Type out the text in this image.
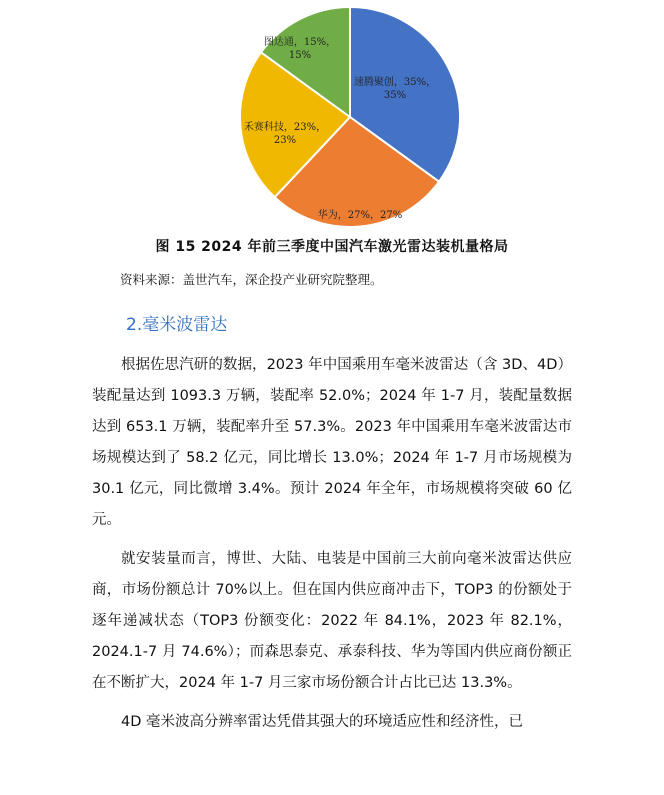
速腾聚创，35%，
35%
华为，27%，27%
禾赛科技，23%，
23%
图达通，15%，
15%
图 15 2024 年前三季度中国汽车激光雷达装机量格局
资料来源：盖世汽车，深企投产业研究院整理。
2.毫米波雷达

根据佐思汽研的数据，2023 年中国乘用车毫米波雷达（含 3D、4D）装配量达到 1093.3 万辆，装配率 52.0%；2024 年 1-7 月，装配量数据达到 653.1 万辆，装配率升至 57.3%。2023 年中国乘用车毫米波雷达市场规模达到了 58.2 亿元，同比增长 13.0%；2024 年 1-7 月市场规模为 30.1 亿元，同比微增 3.4%。预计 2024 年全年，市场规模将突破 60 亿元。

就安装量而言，博世、大陆、电装是中国前三大前向毫米波雷达供应商，市场份额总计 70%以上。但在国内供应商冲击下，TOP3 的份额处于逐年递减状态（TOP3 份额变化：2022 年 84.1%，2023 年 82.1%，2024.1-7 月 74.6%）；而森思泰克、承泰科技、华为等国内供应商份额正在不断扩大，2024 年 1-7 月三家市场份额合计占比已达 13.3%。

4D 毫米波高分辨率雷达凭借其强大的环境适应性和经济性，已
